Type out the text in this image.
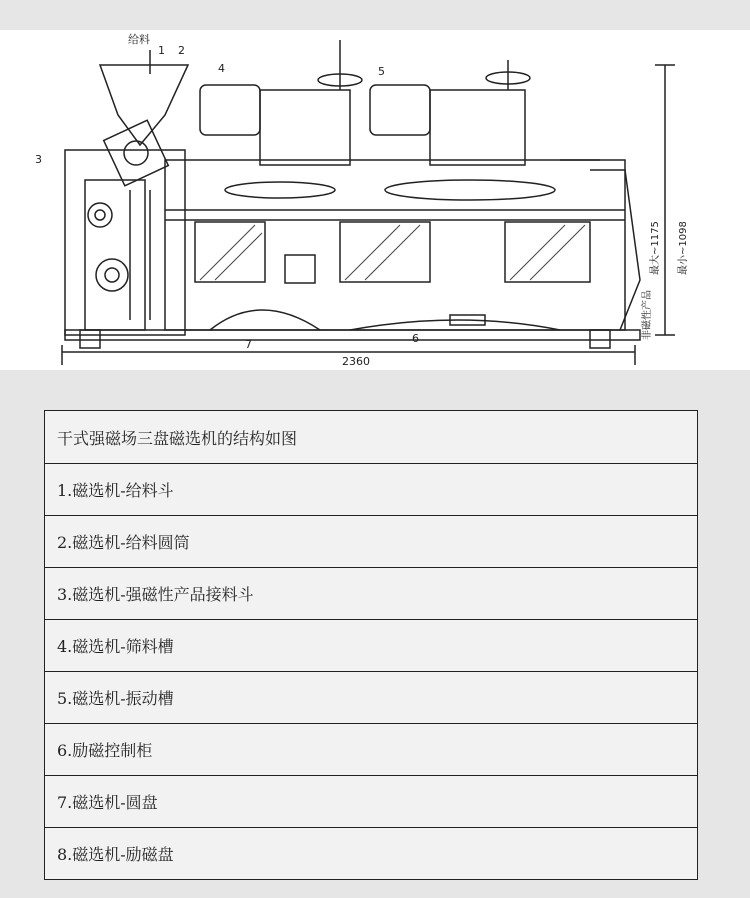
给料
1 2
3
4	5
6
7
2360
最大~1175 最小~1098
非磁性产品
干式强磁场三盘磁选机的结构如图
1.磁选机-给料斗
2.磁选机-给料圆筒
3.磁选机-强磁性产品接料斗
4.磁选机-筛料槽
5.磁选机-振动槽
6.励磁控制柜
7.磁选机-圆盘
8.磁选机-励磁盘
